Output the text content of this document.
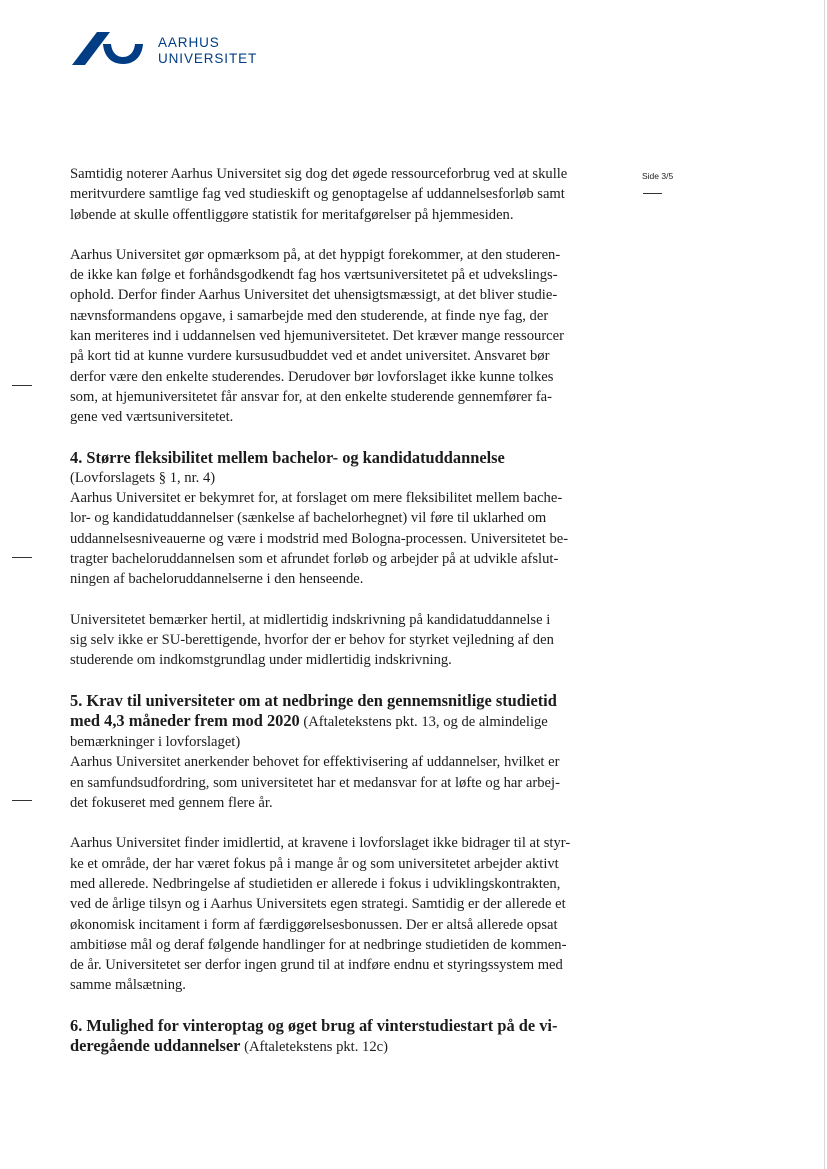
AARHUS
UNIVERSITET
Side 3/5

Samtidig noterer Aarhus Universitet sig dog det øgede ressourceforbrug ved at skulle

meritvurdere samtlige fag ved studieskift og genoptagelse af uddannelsesforløb samt

løbende at skulle offentliggøre statistik for meritafgørelser på hjemmesiden.

Aarhus Universitet gør opmærksom på, at det hyppigt forekommer, at den studeren-

de ikke kan følge et forhåndsgodkendt fag hos værtsuniversitetet på et udvekslings-

ophold. Derfor finder Aarhus Universitet det uhensigtsmæssigt, at det bliver studie-

nævnsformandens opgave, i samarbejde med den studerende, at finde nye fag, der

kan meriteres ind i uddannelsen ved hjemuniversitetet. Det kræver mange ressourcer

på kort tid at kunne vurdere kursusudbuddet ved et andet universitet. Ansvaret bør

derfor være den enkelte studerendes. Derudover bør lovforslaget ikke kunne tolkes

som, at hjemuniversitetet får ansvar for, at den enkelte studerende gennemfører fa-

gene ved værtsuniversitetet.

4. Større fleksibilitet mellem bachelor- og kandidatuddannelse

(Lovforslagets § 1, nr. 4)

Aarhus Universitet er bekymret for, at forslaget om mere fleksibilitet mellem bache-

lor- og kandidatuddannelser (sænkelse af bachelorhegnet) vil føre til uklarhed om

uddannelsesniveauerne og være i modstrid med Bologna-processen. Universitetet be-

tragter bacheloruddannelsen som et afrundet forløb og arbejder på at udvikle afslut-

ningen af bacheloruddannelserne i den henseende.

Universitetet bemærker hertil, at midlertidig indskrivning på kandidatuddannelse i

sig selv ikke er SU-berettigende, hvorfor der er behov for styrket vejledning af den

studerende om indkomstgrundlag under midlertidig indskrivning.

5. Krav til universiteter om at nedbringe den gennemsnitlige studietid

med 4,3 måneder frem mod 2020 (Aftaleteksten​s pkt. 13, og de almindelige

bemærkninger i lovforslaget)

Aarhus Universitet anerkender behovet for effektivisering af uddannelser, hvilket er

en samfundsudfordring, som universitetet har et medansvar for at løfte og har arbej-

det fokuseret med gennem flere år.

Aarhus Universitet finder imidlertid, at kravene i lovforslaget ikke bidrager til at styr-

ke et område, der har været fokus på i mange år og som universitetet arbejder aktivt

med allerede. Nedbringelse af studietiden er allerede i fokus i udviklingskontrakten,

ved de årlige tilsyn og i Aarhus Universitets egen strategi. Samtidig er der allerede et

økonomisk incitament i form af færdiggørelsesbonussen. Der er altså allerede opsat

ambitiøse mål og deraf følgende handlinger for at nedbringe studietiden de kommen-

de år. Universitetet ser derfor ingen grund til at indføre endnu et styringssystem med

samme målsætning.

6. Mulighed for vinteroptag og øget brug af vinterstudiestart på de vi-

deregående uddannelser (Aftaleteksten​s pkt. 12c)
